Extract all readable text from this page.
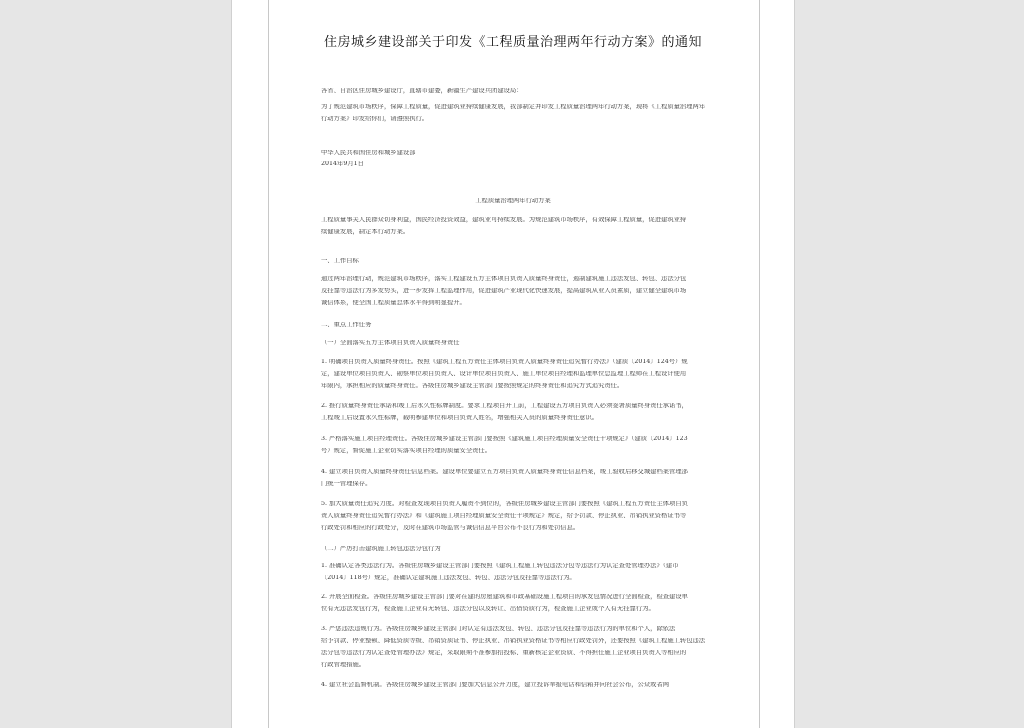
住房城乡建设部关于印发《工程质量治理两年行动方案》的通知
各省、自治区住房城乡建设厅，直辖市建委，新疆生产建设兵团建设局：
为了规范建筑市场秩序，保障工程质量，促进建筑业持续健康发展，我部制定并印发工程质量治理两年行动方案，现将《工程质量治理两年
行动方案》印发给你们，请遵照执行。
中华人民共和国住房和城乡建设部
2014年9月1日
工程质量治理两年行动方案
工程质量事关人民群众切身利益，国民经济投资效益，建筑业可持续发展。为规范建筑市场秩序，有效保障工程质量，促进建筑业持
续健康发展，制定本行动方案。
一、工作目标
通过两年治理行动，规范建筑市场秩序，落实工程建设五方主体项目负责人质量终身责任，遏制建筑施工违法发包、转包、违法分包
及挂靠等违法行为多发势头，进一步发挥工程监理作用，促进建筑产业现代化快速发展，提高建筑从业人员素质，建立健全建筑市场
诚信体系，使全国工程质量总体水平得到明显提升。
二、重点工作任务
（一）全面落实五方主体项目负责人质量终身责任
1. 明确项目负责人质量终身责任。按照《建筑工程五方责任主体项目负责人质量终身责任追究暂行办法》（建质〔2014〕124号）规
定，建设单位项目负责人、勘察单位项目负责人、设计单位项目负责人、施工单位项目经理和监理单位总监理工程师在工程设计使用
年限内，承担相应的质量终身责任。各级住房城乡建设主管部门要按照规定的终身责任和追究方式追究责任。
2. 推行质量终身责任承诺和竣工后永久性标牌制度。要求工程项目开工前，工程建设五方项目负责人必须签署质量终身责任承诺书，
工程竣工后设置永久性标牌，载明参建单位和项目负责人姓名，增强相关人员的质量终身责任意识。
3. 严格落实施工项目经理责任。各级住房城乡建设主管部门要按照《建筑施工项目经理质量安全责任十项规定》（建质〔2014〕123
号）规定，督促施工企业切实落实项目经理的质量安全责任。
4. 建立项目负责人质量终身责任信息档案。建设单位要建立五方项目负责人质量终身责任信息档案，竣工验收后移交城建档案管理部
门统一管理保存。
5. 加大质量责任追究力度。对检查发现项目负责人履责不到位的，各级住房城乡建设主管部门要按照《建筑工程五方责任主体项目负
责人质量终身责任追究暂行办法》和《建筑施工项目经理质量安全责任十项规定》规定，给予罚款、停止执业、吊销执业资格证书等
行政处罚和相应的行政处分，及时在建筑市场监管与诚信信息平台公布不良行为和处罚信息。
（二）严厉打击建筑施工转包违法分包行为
1. 准确认定各类违法行为。各级住房城乡建设主管部门要按照《建筑工程施工转包违法分包等违法行为认定查处管理办法》（建市
〔2014〕118号）规定，准确认定建筑施工违法发包、转包、违法分包及挂靠等违法行为。
2. 开展全面检查。各级住房城乡建设主管部门要对在建的房屋建筑和市政基础设施工程项目的承发包情况进行全面检查，检查建设单
位有无违法发包行为，检查施工企业有无转包、违法分包以及转让、出借资质行为，检查施工企业或个人有无挂靠行为。
3. 严惩违法违规行为。各级住房城乡建设主管部门对认定有违法发包、转包、违法分包及挂靠等违法行为的单位和个人，除依法
给予罚款、停业整顿、降低资质等级、吊销资质证书、停止执业、吊销执业资格证书等相应行政处罚外，还要按照《建筑工程施工转包违法
法分包等违法行为认定查处管理办法》规定，采取限期不准参加招投标、重新核定企业资质、不得担任施工企业项目负责人等相应的
行政管理措施。
4. 建立社会监督机制。各级住房城乡建设主管部门要加大信息公开力度，建立投诉举报电话和信箱并向社会公布，公众或者网
